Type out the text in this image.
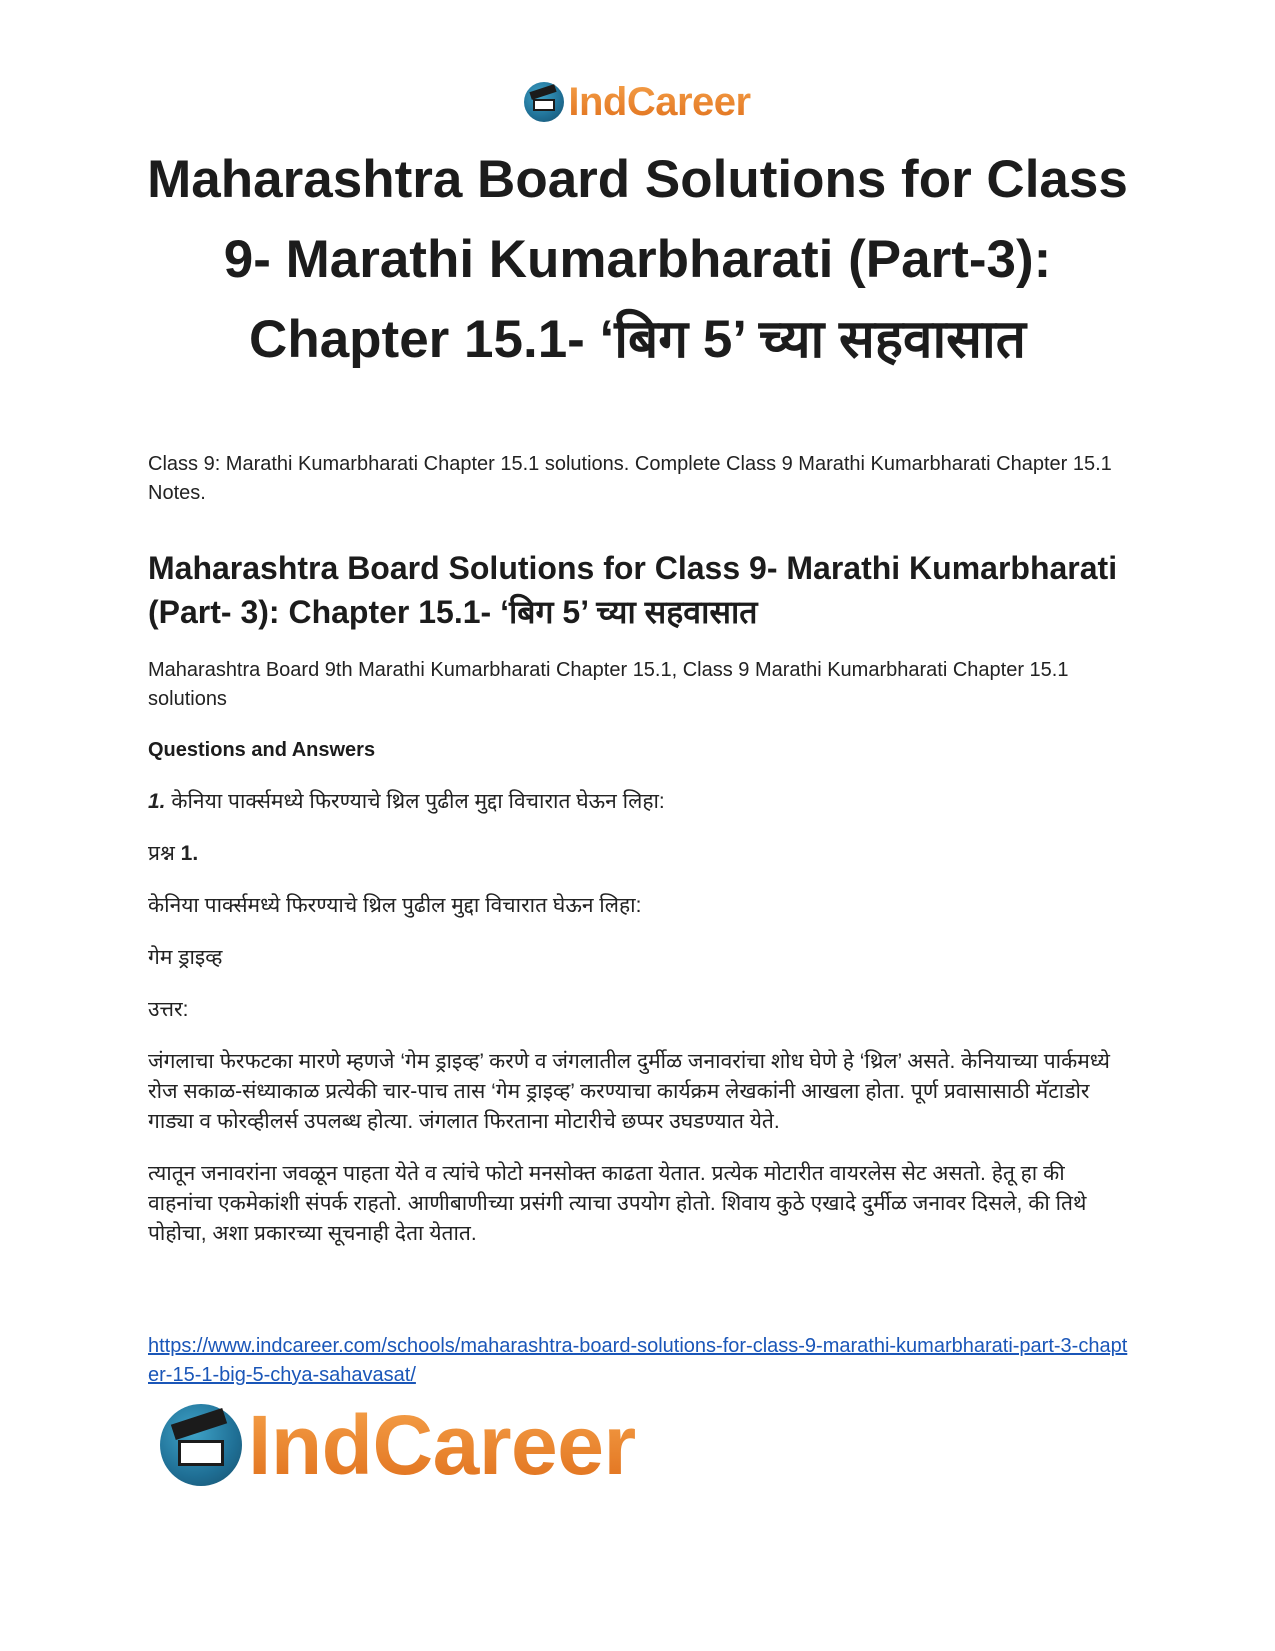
IndCareer
Maharashtra Board Solutions for Class 9- Marathi Kumarbharati (Part-3): Chapter 15.1- ‘बिग 5’ च्या सहवासात

Class 9: Marathi Kumarbharati Chapter 15.1 solutions. Complete Class 9 Marathi Kumarbharati Chapter 15.1 Notes.

Maharashtra Board Solutions for Class 9- Marathi Kumarbharati (Part- 3): Chapter 15.1- ‘बिग 5’ च्या सहवासात

Maharashtra Board 9th Marathi Kumarbharati Chapter 15.1, Class 9 Marathi Kumarbharati Chapter 15.1 solutions

Questions and Answers

1. केनिया पार्क्समध्ये फिरण्याचे थ्रिल पुढील मुद्दा विचारात घेऊन लिहा:

प्रश्न 1.

केनिया पार्क्समध्ये फिरण्याचे थ्रिल पुढील मुद्दा विचारात घेऊन लिहा:

गेम ड्राइव्ह

उत्तर:

जंगलाचा फेरफटका मारणे म्हणजे ‘गेम ड्राइव्ह’ करणे व जंगलातील दुर्मीळ जनावरांचा शोध घेणे हे ‘थ्रिल’ असते. केनियाच्या पार्कमध्ये रोज सकाळ-संध्याकाळ प्रत्येकी चार-पाच तास ‘गेम ड्राइव्ह’ करण्याचा कार्यक्रम लेखकांनी आखला होता. पूर्ण प्रवासासाठी मॅटाडोर गाड्या व फोरव्हीलर्स उपलब्ध होत्या. जंगलात फिरताना मोटारीचे छप्पर उघडण्यात येते.

त्यातून जनावरांना जवळून पाहता येते व त्यांचे फोटो मनसोक्त काढता येतात. प्रत्येक मोटारीत वायरलेस सेट असतो. हेतू हा की वाहनांचा एकमेकांशी संपर्क राहतो. आणीबाणीच्या प्रसंगी त्याचा उपयोग होतो. शिवाय कुठे एखादे दुर्मीळ जनावर दिसले, की तिथे पोहोचा, अशा प्रकारच्या सूचनाही देता येतात.

https://www.indcareer.com/schools/maharashtra-board-solutions-for-class-9-marathi-kumarbharati-part-3-chapter-15-1-big-5-chya-sahavasat/

IndCareer
